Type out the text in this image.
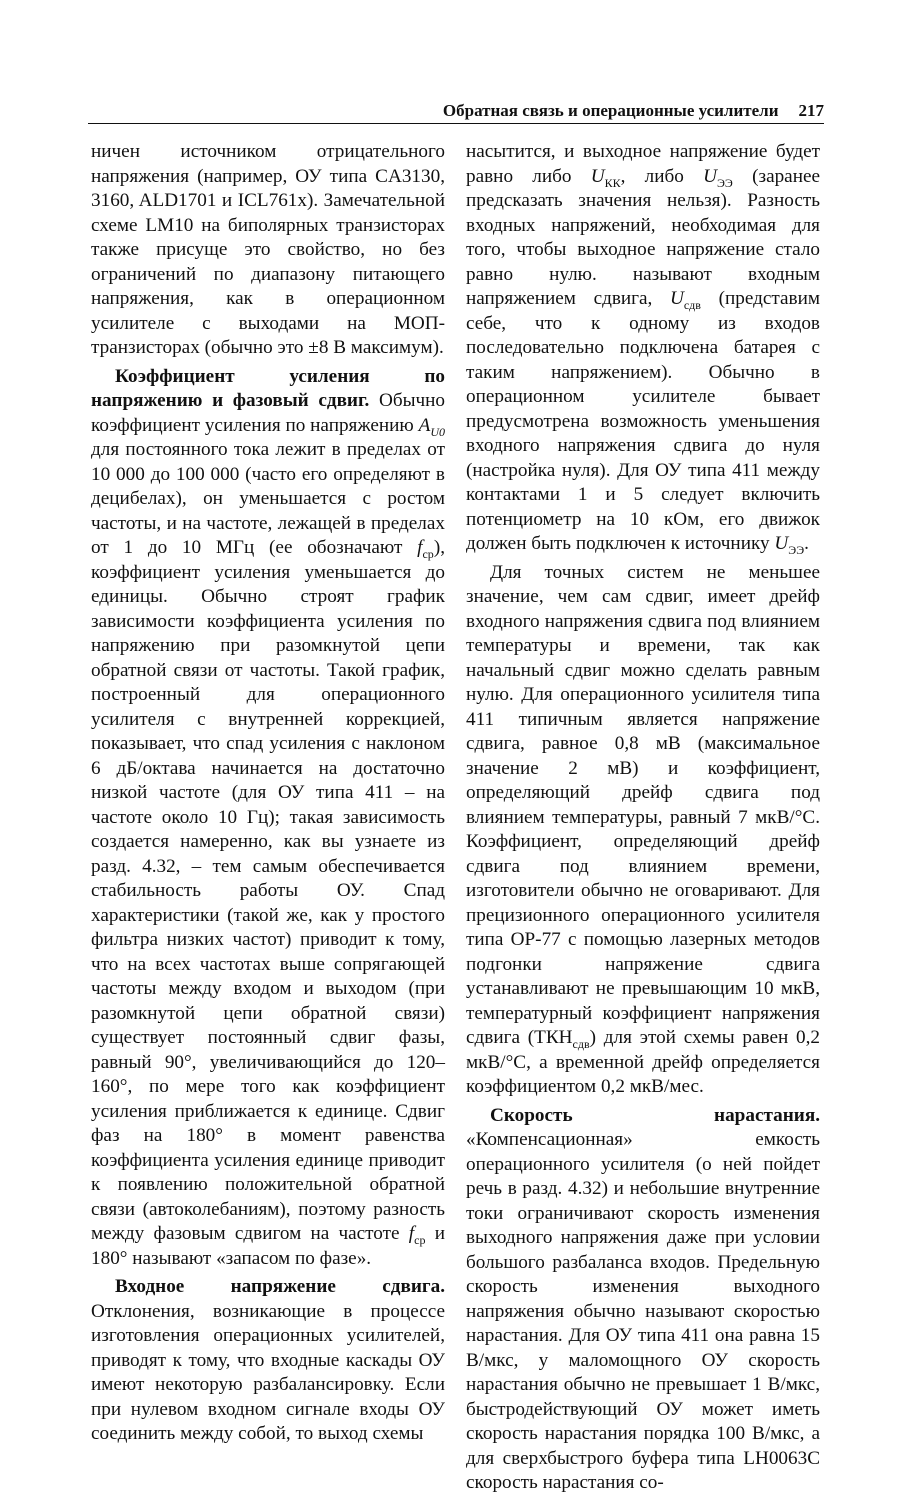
Обратная связь и операционные усилители 217

ничен источником отрицательного напряжения (например, ОУ типа CA3130, 3160, ALD1701 и ICL761x). Замечательной схеме LM10 на биполярных транзисторах также присуще это свойство, но без ограничений по диапазону питающего напряжения, как в операционном усилителе с выходами на МОП-транзисторах (обычно это ±8 В максимум).

Коэффициент усиления по напряжению и фазовый сдвиг. Обычно коэффициент усиления по напряжению $A_{U0}$ для постоянного тока лежит в пределах от 10 000 до 100 000 (часто его определяют в децибелах), он уменьшается с ростом частоты, и на частоте, лежащей в пределах от 1 до 10 МГц (ее обозначают $f_{ср}$), коэффициент усиления уменьшается до единицы. Обычно строят график зависимости коэффициента усиления по напряжению при разомкнутой цепи обратной связи от частоты. Такой график, построенный для операционного усилителя с внутренней коррекцией, показывает, что спад усиления с наклоном 6 дБ/октава начинается на достаточно низкой частоте (для ОУ типа 411 – на частоте около 10 Гц); такая зависимость создается намеренно, как вы узнаете из разд. 4.32, – тем самым обеспечивается стабильность работы ОУ. Спад характеристики (такой же, как у простого фильтра низких частот) приводит к тому, что на всех частотах выше сопрягающей частоты между входом и выходом (при разомкнутой цепи обратной связи) существует постоянный сдвиг фазы, равный 90°, увеличивающийся до 120–160°, по мере того как коэффициент усиления приближается к единице. Сдвиг фаз на 180° в момент равенства коэффициента усиления единице приводит к появлению положительной обратной связи (автоколебаниям), поэтому разность между фазовым сдвигом на частоте $f_{ср}$ и 180° называют «запасом по фазе».

Входное напряжение сдвига. Отклонения, возникающие в процессе изготовления операционных усилителей, приводят к тому, что входные каскады ОУ имеют некоторую разбалансировку. Если при нулевом входном сигнале входы ОУ соединить между собой, то выход схемы

насытится, и выходное напряжение будет равно либо $U_{КК}$, либо $U_{ЭЭ}$ (заранее предсказать значения нельзя). Разность входных напряжений, необходимая для того, чтобы выходное напряжение стало равно нулю. называют входным напряжением сдвига, $U_{сдв}$ (представим себе, что к одному из входов последовательно подключена батарея с таким напряжением). Обычно в операционном усилителе бывает предусмотрена возможность уменьшения входного напряжения сдвига до нуля (настройка нуля). Для ОУ типа 411 между контактами 1 и 5 следует включить потенциометр на 10 кОм, его движок должен быть подключен к источнику $U_{ЭЭ}$.

Для точных систем не меньшее значение, чем сам сдвиг, имеет дрейф входного напряжения сдвига под влиянием температуры и времени, так как начальный сдвиг можно сделать равным нулю. Для операционного усилителя типа 411 типичным является напряжение сдвига, равное 0,8 мВ (максимальное значение 2 мВ) и коэффициент, определяющий дрейф сдвига под влиянием температуры, равный 7 мкВ/°С. Коэффициент, определяющий дрейф сдвига под влиянием времени, изготовители обычно не оговаривают. Для прецизионного операционного усилителя типа ОР-77 с помощью лазерных методов подгонки напряжение сдвига устанавливают не превышающим 10 мкВ, температурный коэффициент напряжения сдвига $(ТКН_{сдв})$ для этой схемы равен 0,2 мкВ/°С, а временной дрейф определяется коэффициентом 0,2 мкВ/мес.

Скорость нарастания. «Компенсационная» емкость операционного усилителя (о ней пойдет речь в разд. 4.32) и небольшие внутренние токи ограничивают скорость изменения выходного напряжения даже при условии большого разбаланса входов. Предельную скорость изменения выходного напряжения обычно называют скоростью нарастания. Для ОУ типа 411 она равна 15 В/мкс, у маломощного ОУ скорость нарастания обычно не превышает 1 В/мкс, быстродействующий ОУ может иметь скорость нарастания порядка 100 В/мкс, а для сверхбыстрого буфера типа LH0063C скорость нарастания со-
